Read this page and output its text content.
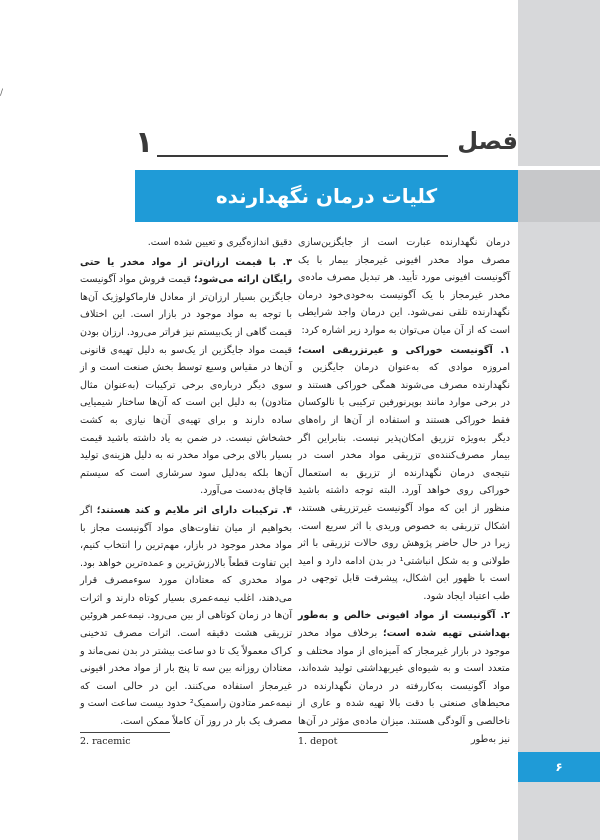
/
فصل
۱
کلیات درمان نگهدارنده

درمان نگهدارنده عبارت است از جایگزین‌سازی مصرف مواد مخدر افیونی غیرمجاز بیمار با یک آگونیست افیونی مورد تأیید. هر تبدیل مصرف ماده‌ی مخدر غیرمجاز با یک آگونیست به‌خودی‌خود درمان نگهدارنده تلقی نمی‌شود. این درمان واجد شرایطی است که از آن میان می‌توان به موارد زیر اشاره کرد:

۱. آگونیست خوراکی و غیرتزریقی است؛ امروزه موادی که به‌عنوان درمان جایگزین و نگهدارنده مصرف می‌شوند همگی خوراکی هستند و در برخی موارد مانند بوپرنورفین ترکیبی با نالوکسان فقط خوراکی هستند و استفاده از آن‌ها از راه‌های دیگر به‌ویژه تزریق امکان‌پذیر نیست. بنابراین اگر بیمار مصرف‌کننده‌ی تزریقی مواد مخدر است در نتیجه‌ی درمان نگهدارنده از تزریق به استعمال خوراکی روی خواهد آورد. البته توجه داشته باشید منظور از این که مواد آگونیست غیرتزریقی هستند، اشکال تزریقی به خصوص وریدی با اثر سریع است. زیرا در حال حاضر پژوهش روی حالات تزریقی با اثر طولانی و به شکل انباشتی¹ در بدن ادامه دارد و امید است با ظهور این اشکال، پیشرفت قابل توجهی در طب اعتیاد ایجاد شود.

۲. آگونیست از مواد افیونی خالص و به‌طور بهداشتی تهیه شده است؛ برخلاف مواد مخدر موجود در بازار غیرمجاز که آمیزه‌ای از مواد مختلف و متعدد است و به شیوه‌ای غیربهداشتی تولید شده‌اند، مواد آگونیست به‌کاررفته در درمان نگهدارنده در محیط‌های صنعتی با دقت بالا تهیه شده و عاری از ناخالصی و آلودگی هستند. میزان ماده‌ی مؤثر در آن‌ها نیز به‌طور

دقیق اندازه‌گیری و تعیین شده است.

۳. با قیمت ارزان‌تر از مواد مخدر یا حتی رایگان ارائه می‌شود؛ قیمت فروش مواد آگونیست جایگزین بسیار ارزان‌تر از معادل فارماکولوژیک آن‌ها با توجه به مواد موجود در بازار است. این اختلاف قیمت گاهی از یک‌بیستم نیز فراتر می‌رود. ارزان بودن قیمت مواد جایگزین از یک‌سو به دلیل تهیه‌ی قانونی آن‌ها در مقیاس وسیع توسط بخش صنعت است و از سوی دیگر درباره‌ی برخی ترکیبات (به‌عنوان مثال متادون) به دلیل این است که آن‌ها ساختار شیمیایی ساده دارند و برای تهیه‌ی آن‌ها نیازی به کشت خشخاش نیست. در ضمن به یاد داشته باشید قیمت بسیار بالای برخی مواد مخدر نه به دلیل هزینه‌ی تولید آن‌ها بلکه به‌دلیل سود سرشاری است که سیستم قاچاق به‌دست می‌آورد.

۴. ترکیبات دارای اثر ملایم و کند هستند؛ اگر بخواهیم از میان تفاوت‌های مواد آگونیست مجاز با مواد مخدر موجود در بازار، مهم‌ترین را انتخاب کنیم، این تفاوت قطعاً بالارزش‌ترین و عمده‌ترین خواهد بود. مواد مخدری که معتادان مورد سوءمصرف قرار می‌دهند، اغلب نیمه‌عمری بسیار کوتاه دارند و اثرات آن‌ها در زمان کوتاهی از بین می‌رود. نیمه‌عمر هروئین تزریقی هشت دقیقه است. اثرات مصرف تدخینی کراک معمولاً یک تا دو ساعت بیشتر در بدن نمی‌ماند و معتادان روزانه بین سه تا پنج بار از مواد مخدر افیونی غیرمجاز استفاده می‌کنند. این در حالی است که نیمه‌عمر متادون راسمیک² حدود بیست ساعت است و مصرف یک بار در روز آن کاملاً ممکن است.

2. racemic	1. depot
۶
